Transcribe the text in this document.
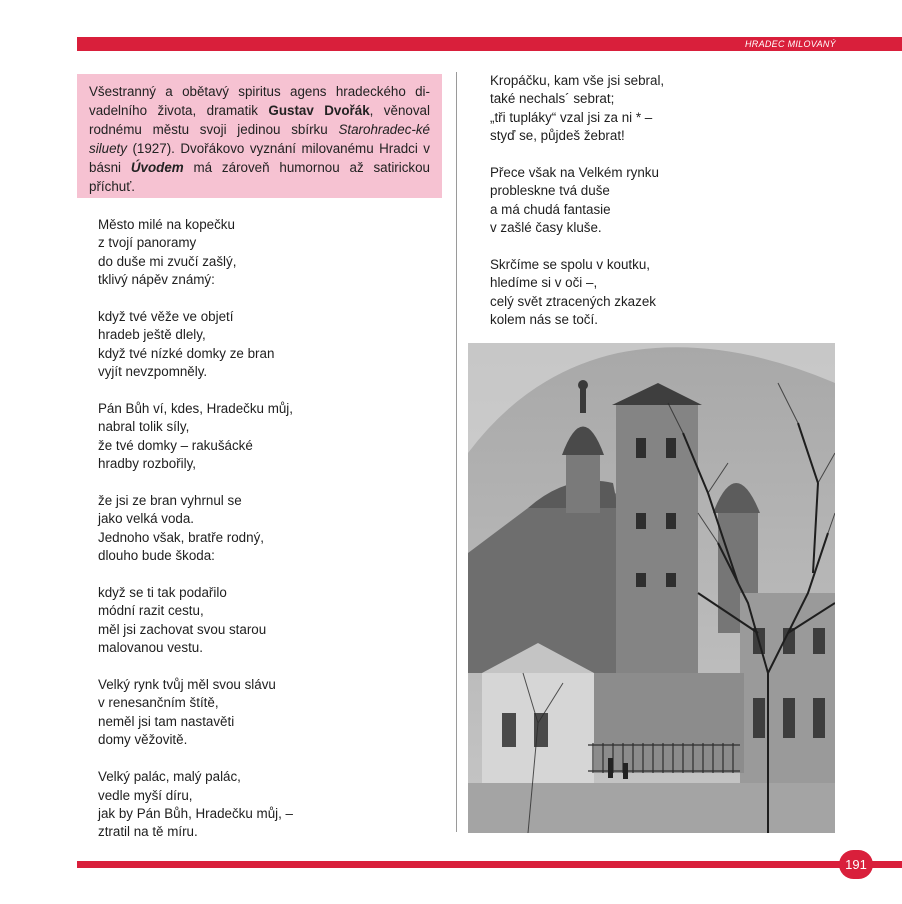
HRADEC MILOVANÝ
Všestranný a obětavý spiritus agens hradeckého di-vadelního života, dramatik Gustav Dvořák, věnoval rodnému městu svoji jedinou sbírku Starohradec-ké siluety (1927). Dvořákovo vyznání milovanému Hradci v básni Úvodem má zároveň humornou až satirickou příchuť.
Město milé na kopečku
z tvojí panoramy
do duše mi zvučí zašlý,
tklivý nápěv známý:
když tvé věže ve objetí
hradeb ještě dlely,
když tvé nízké domky ze bran
vyjít nevzpomněly.
Pán Bůh ví, kdes, Hradečku můj,
nabral tolik síly,
že tvé domky – rakušácké
hradby rozbořily,
že jsi ze bran vyhrnul se
jako velká voda.
Jednoho však, bratře rodný,
dlouho bude škoda:
když se ti tak podařilo
módní razit cestu,
měl jsi zachovat svou starou
malovanou vestu.
Velký rynk tvůj měl svou slávu
v renesančním štítě,
neměl jsi tam nastavěti
domy věžovitě.
Velký palác, malý palác,
vedle myší díru,
jak by Pán Bůh, Hradečku můj, –
ztratil na tě míru.
Kropáčku, kam vše jsi sebral,
také nechals´ sebrat;
„tři tupláky“ vzal jsi za ni * –
styď se, půjdeš žebrat!
Přece však na Velkém rynku
probleskne tvá duše
a má chudá fantasie
v zašlé časy kluše.
Skrčíme se spolu v koutku,
hledíme si v oči –,
celý svět ztracených zkazek
kolem nás se točí.
191
